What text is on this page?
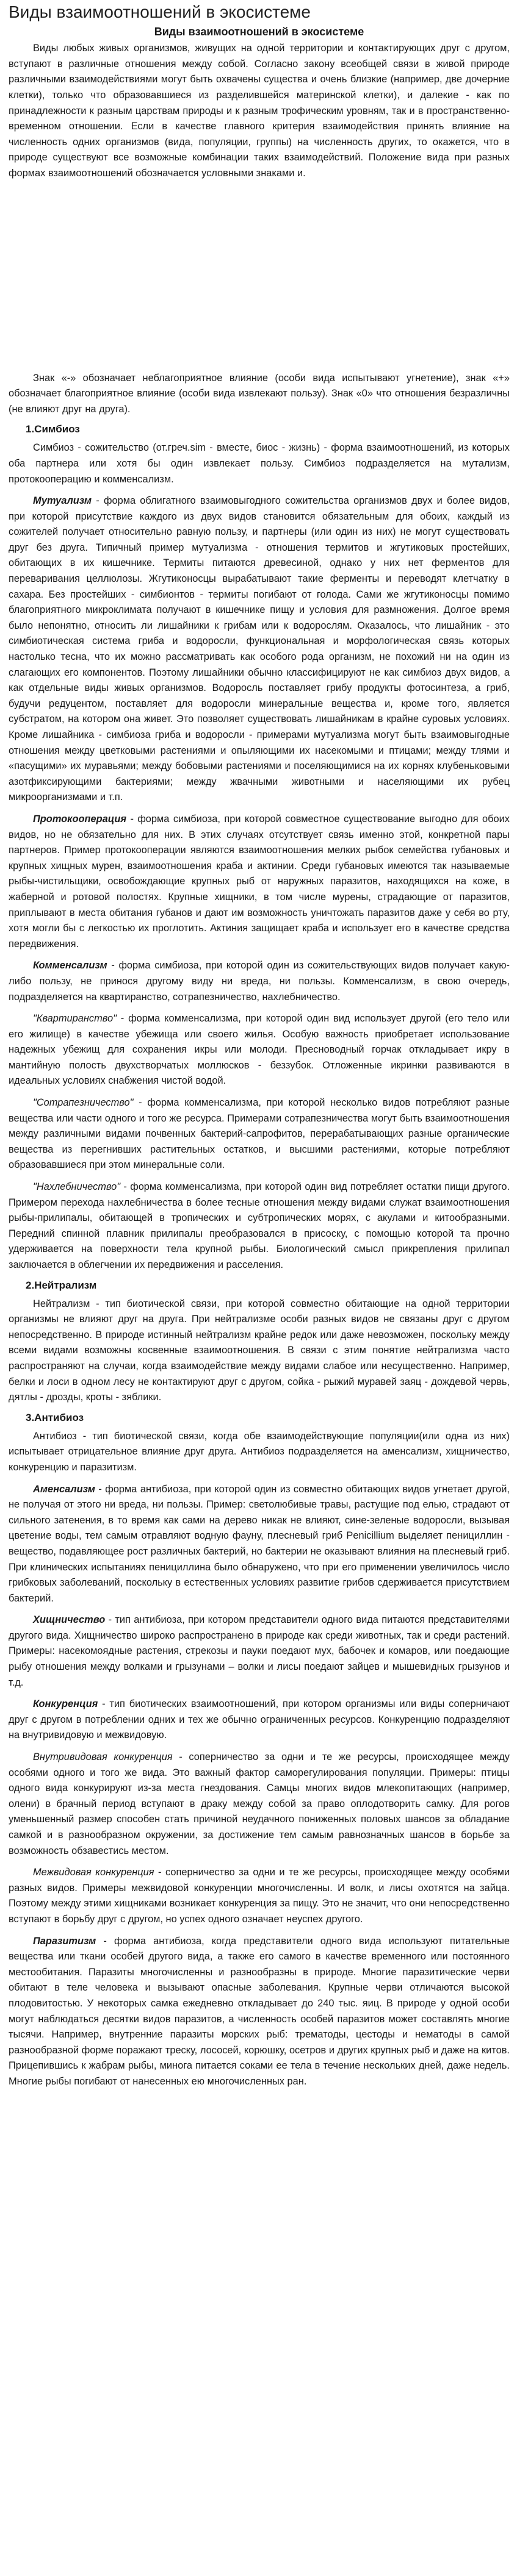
Виды взаимоотношений в экосистеме
Виды взаимоотношений в экосистеме

Виды любых живых организмов, живущих на одной территории и контактирующих друг с другом, вступают в различные отношения между собой. Согласно закону всеобщей связи в живой природе различными взаимодействиями могут быть охвачены существа и очень близкие (например, две дочерние клетки), только что образовавшиеся из разделившейся материнской клетки), и далекие - как по принадлежности к разным царствам природы и к разным трофическим уровням, так и в пространственно-временном отношении. Если в качестве главного критерия взаимодействия принять влияние на численность одних организмов (вида, популяции, группы) на численность других, то окажется, что в природе существуют все возможные комбинации таких взаимодействий. Положение вида при разных формах взаимоотношений обозначается условными знаками и.

Знак «-» обозначает неблагоприятное влияние (особи вида испытывают угнетение), знак «+» обозначает благоприятное влияние (особи вида извлекают пользу). Знак «0» что отношения безразличны (не влияют друг на друга).

1.Симбиоз

Симбиоз - сожительство (от.греч.sim - вместе, биос - жизнь) - форма взаимоотношений, из которых оба партнера или хотя бы один извлекает пользу. Симбиоз подразделяется на мутализм, протокооперацию и комменсализм.

Мутуализм - форма облигатного взаимовыгодного сожительства организмов двух и более видов, при которой присутствие каждого из двух видов становится обязательным для обоих, каждый из сожителей получает относительно равную пользу, и партнеры (или один из них) не могут существовать друг без друга. Типичный пример мутуализма - отношения термитов и жгутиковых простейших, обитающих в их кишечнике. Термиты питаются древесиной, однако у них нет ферментов для переваривания целлюлозы. Жгутиконосцы вырабатывают такие ферменты и переводят клетчатку в сахара. Без простейших - симбионтов - термиты погибают от голода. Сами же жгутиконосцы помимо благоприятного микроклимата получают в кишечнике пищу и условия для размножения. Долгое время было непонятно, относить ли лишайники к грибам или к водорослям. Оказалось, что лишайник - это симбиотическая система гриба и водоросли, функциональная и морфологическая связь которых настолько тесна, что их можно рассматривать как особого рода организм, не похожий ни на один из слагающих его компонентов. Поэтому лишайники обычно классифицируют не как симбиоз двух видов, а как отдельные виды живых организмов. Водоросль поставляет грибу продукты фотосинтеза, а гриб, будучи редуцентом, поставляет для водоросли минеральные вещества и, кроме того, является субстратом, на котором она живет. Это позволяет существовать лишайникам в крайне суровых условиях. Кроме лишайника - симбиоза гриба и водоросли - примерами мутуализма могут быть взаимовыгодные отношения между цветковыми растениями и опыляющими их насекомыми и птицами; между тлями и «пасущими» их муравьями; между бобовыми растениями и поселяющимися на их корнях клубеньковыми азотфиксирующими бактериями; между жвачными животными и населяющими их рубец микроорганизмами и т.п.

Протокооперация - форма симбиоза, при которой совместное существование выгодно для обоих видов, но не обязательно для них. В этих случаях отсутствует связь именно этой, конкретной пары партнеров. Пример протокооперации являются взаимоотношения мелких рыбок семейства губановых и крупных хищных мурен, взаимоотношения краба и актинии. Среди губановых имеются так называемые рыбы-чистильщики, освобождающие крупных рыб от наружных паразитов, находящихся на коже, в жаберной и ротовой полостях. Крупные хищники, в том числе мурены, страдающие от паразитов, приплывают в места обитания губанов и дают им возможность уничтожать паразитов даже у себя во рту, хотя могли бы с легкостью их проглотить. Актиния защищает краба и использует его в качестве средства передвижения.

Комменсализм - форма симбиоза, при которой один из сожительствующих видов получает какую-либо пользу, не принося другому виду ни вреда, ни пользы. Комменсализм, в свою очередь, подразделяется на квартиранство, сотрапезничество, нахлебничество.

"Квартиранство" - форма комменсализма, при которой один вид использует другой (его тело или его жилище) в качестве убежища или своего жилья. Особую важность приобретает использование надежных убежищ для сохранения икры или молоди. Пресноводный горчак откладывает икру в мантийную полость двухстворчатых моллюсков - беззубок. Отложенные икринки развиваются в идеальных условиях снабжения чистой водой.

"Сотрапезничество" - форма комменсализма, при которой несколько видов потребляют разные вещества или части одного и того же ресурса. Примерами сотрапезничества могут быть взаимоотношения между различными видами почвенных бактерий-сапрофитов, перерабатывающих разные органические вещества из перегнивших растительных остатков, и высшими растениями, которые потребляют образовавшиеся при этом минеральные соли.

"Нахлебничество" - форма комменсализма, при которой один вид потребляет остатки пищи другого. Примером перехода нахлебничества в более тесные отношения между видами служат взаимоотношения рыбы-прилипалы, обитающей в тропических и субтропических морях, с акулами и китообразными. Передний спинной плавник прилипалы преобразовался в присоску, с помощью которой та прочно удерживается на поверхности тела крупной рыбы. Биологический смысл прикрепления прилипал заключается в облегчении их передвижения и расселения.

2.Нейтрализм

Нейтрализм - тип биотической связи, при которой совместно обитающие на одной территории организмы не влияют друг на друга. При нейтрализме особи разных видов не связаны друг с другом непосредственно. В природе истинный нейтрализм крайне редок или даже невозможен, поскольку между всеми видами возможны косвенные взаимоотношения. В связи с этим понятие нейтрализма часто распространяют на случаи, когда взаимодействие между видами слабое или несущественно. Например, белки и лоси в одном лесу не контактируют друг с другом, сойка - рыжий муравей заяц - дождевой червь, дятлы - дрозды, кроты - зяблики.

3.Антибиоз

Антибиоз - тип биотической связи, когда обе взаимодействующие популяции(или одна из них) испытывает отрицательное влияние друг друга. Антибиоз подразделяется на аменсализм, хищничество, конкуренцию и паразитизм.

Аменсализм - форма антибиоза, при которой один из совместно обитающих видов угнетает другой, не получая от этого ни вреда, ни пользы. Пример: светолюбивые травы, растущие под елью, страдают от сильного затенения, в то время как сами на дерево никак не влияют, сине-зеленые водоросли, вызывая цветение воды, тем самым отравляют водную фауну, плесневый гриб Penicillium выделяет пенициллин - вещество, подавляющее рост различных бактерий, но бактерии не оказывают влияния на плесневый гриб. При клинических испытаниях пенициллина было обнаружено, что при его применении увеличилось число грибковых заболеваний, поскольку в естественных условиях развитие грибов сдерживается присутствием бактерий.

Хищничество - тип антибиоза, при котором представители одного вида питаются представителями другого вида. Хищничество широко распространено в природе как среди животных, так и среди растений. Примеры: насекомоядные растения, стрекозы и пауки поедают мух, бабочек и комаров, или поедающие рыбу отношения между волками и грызунами – волки и лисы поедают зайцев и мышевидных грызунов и т.д.

Конкуренция - тип биотических взаимоотношений, при котором организмы или виды соперничают друг с другом в потреблении одних и тех же обычно ограниченных ресурсов. Конкуренцию подразделяют на внутривидовую и межвидовую.

Внутривидовая конкуренция - соперничество за одни и те же ресурсы, происходящее между особями одного и того же вида. Это важный фактор саморегулирования популяции. Примеры: птицы одного вида конкурируют из-за места гнездования. Самцы многих видов млекопитающих (например, олени) в брачный период вступают в драку между собой за право оплодотворить самку. Для рогов уменьшенный размер способен стать причиной неудачного пониженных половых шансов за обладание самкой и в разнообразном окружении, за достижение тем самым равнозначных шансов в борьбе за возможность обзавестись местом.

Межвидовая конкуренция - соперничество за одни и те же ресурсы, происходящее между особями разных видов. Примеры межвидовой конкуренции многочисленны. И волк, и лисы охотятся на зайца. Поэтому между этими хищниками возникает конкуренция за пищу. Это не значит, что они непосредственно вступают в борьбу друг с другом, но успех одного означает неуспех другого.

Паразитизм - форма антибиоза, когда представители одного вида используют питательные вещества или ткани особей другого вида, а также его самого в качестве временного или постоянного местообитания. Паразиты многочисленны и разнообразны в природе. Многие паразитические черви обитают в теле человека и вызывают опасные заболевания. Крупные черви отличаются высокой плодовитостью. У некоторых самка ежедневно откладывает до 240 тыс. яиц. В природе у одной особи могут наблюдаться десятки видов паразитов, а численность особей паразитов может составлять многие тысячи. Например, внутренние паразиты морских рыб: трематоды, цестоды и нематоды в самой разнообразной форме поражают треску, лососей, корюшку, осетров и других крупных рыб и даже на китов. Прицепившись к жабрам рыбы, минога питается соками ее тела в течение нескольких дней, даже недель. Многие рыбы погибают от нанесенных ею многочисленных ран.
